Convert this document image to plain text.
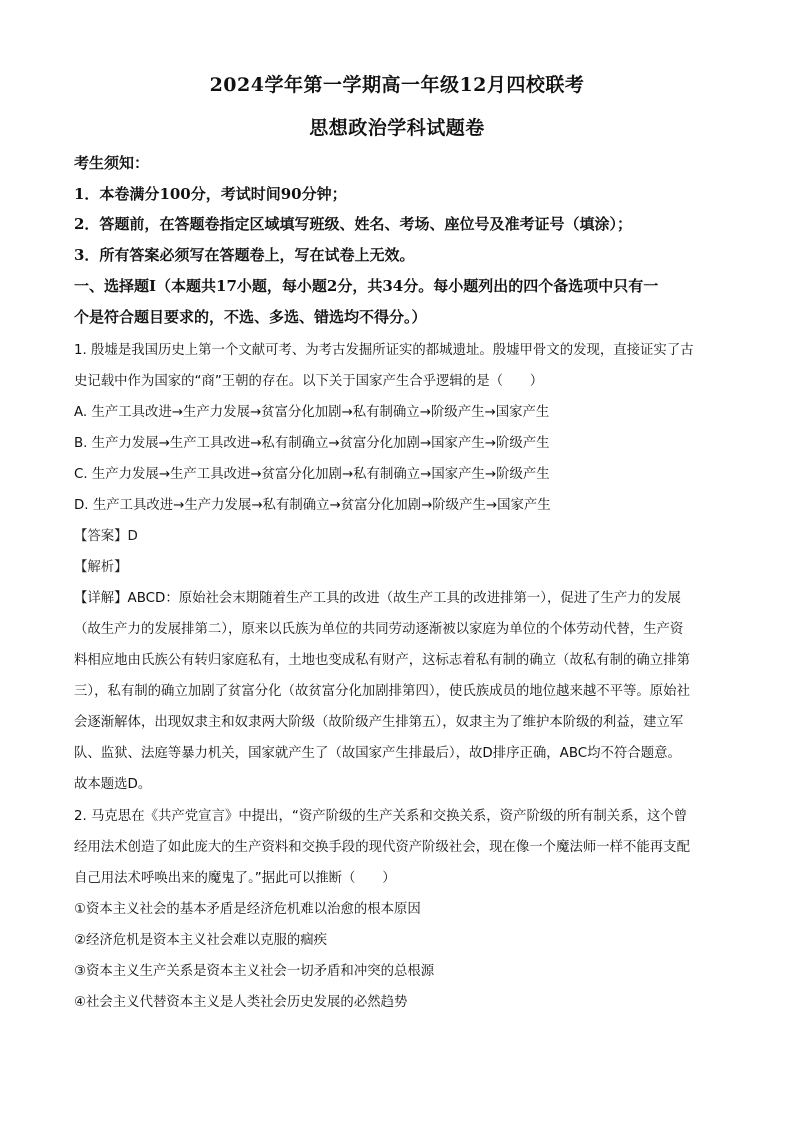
2024学年第一学期高一年级12月四校联考
思想政治学科试题卷
考生须知：
1．本卷满分100分，考试时间90分钟；
2．答题前，在答题卷指定区域填写班级、姓名、考场、座位号及准考证号（填涂）；
3．所有答案必须写在答题卷上，写在试卷上无效。
一、选择题Ⅰ（本题共17小题，每小题2分，共34分。每小题列出的四个备选项中只有一
个是符合题目要求的，不选、多选、错选均不得分。）
1. 殷墟是我国历史上第一个文献可考、为考古发掘所证实的都城遗址。殷墟甲骨文的发现，直接证实了古
史记载中作为国家的“商”王朝的存在。以下关于国家产生合乎逻辑的是（　　）
A. 生产工具改进→生产力发展→贫富分化加剧→私有制确立→阶级产生→国家产生
B. 生产力发展→生产工具改进→私有制确立→贫富分化加剧→国家产生→阶级产生
C. 生产力发展→生产工具改进→贫富分化加剧→私有制确立→国家产生→阶级产生
D. 生产工具改进→生产力发展→私有制确立→贫富分化加剧→阶级产生→国家产生
【答案】D
【解析】
【详解】ABCD：原始社会末期随着生产工具的改进（故生产工具的改进排第一），促进了生产力的发展
（故生产力的发展排第二），原来以氏族为单位的共同劳动逐渐被以家庭为单位的个体劳动代替，生产资
料相应地由氏族公有转归家庭私有，土地也变成私有财产，这标志着私有制的确立（故私有制的确立排第
三），私有制的确立加剧了贫富分化（故贫富分化加剧排第四），使氏族成员的地位越来越不平等。原始社
会逐渐解体，出现奴隶主和奴隶两大阶级（故阶级产生排第五），奴隶主为了维护本阶级的利益，建立军
队、监狱、法庭等暴力机关，国家就产生了（故国家产生排最后），故D排序正确，ABC均不符合题意。
故本题选D。
2. 马克思在《共产党宣言》中提出，“资产阶级的生产关系和交换关系，资产阶级的所有制关系，这个曾
经用法术创造了如此庞大的生产资料和交换手段的现代资产阶级社会，现在像一个魔法师一样不能再支配
自己用法术呼唤出来的魔鬼了。”据此可以推断（　　）
①资本主义社会的基本矛盾是经济危机难以治愈的根本原因
②经济危机是资本主义社会难以克服的痼疾
③资本主义生产关系是资本主义社会一切矛盾和冲突的总根源
④社会主义代替资本主义是人类社会历史发展的必然趋势
